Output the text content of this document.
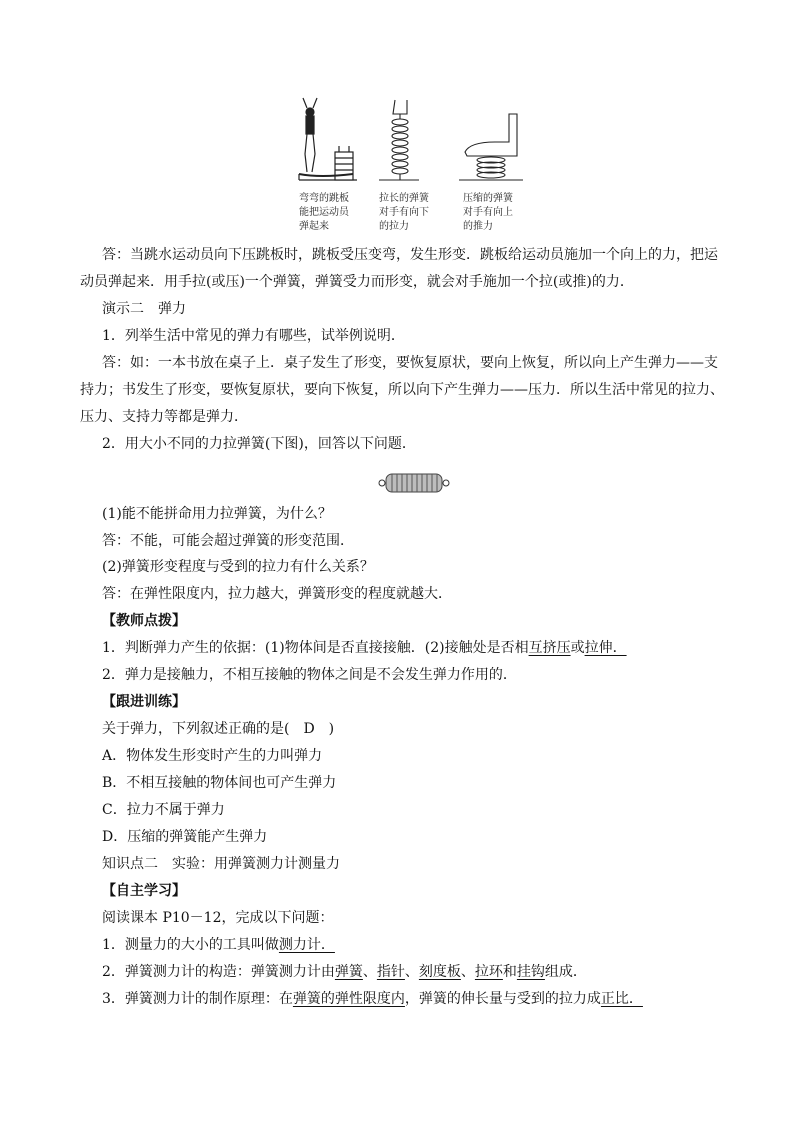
弯弯的跳板
能把运动员
弹起来
拉长的弹簧
对手有向下
的拉力
压缩的弹簧
对手有向上
的推力
答：当跳水运动员向下压跳板时，跳板受压变弯，发生形变．跳板给运动员施加一个向上的力，把运
动员弹起来．用手拉(或压)一个弹簧，弹簧受力而形变，就会对手施加一个拉(或推)的力．
演示二　弹力
1．列举生活中常见的弹力有哪些，试举例说明．
答：如：一本书放在桌子上．桌子发生了形变，要恢复原状，要向上恢复，所以向上产生弹力——支
持力；书发生了形变，要恢复原状，要向下恢复，所以向下产生弹力——压力．所以生活中常见的拉力、
压力、支持力等都是弹力．
2．用大小不同的力拉弹簧(下图)，回答以下问题．
(1)能不能拼命用力拉弹簧，为什么？
答：不能，可能会超过弹簧的形变范围．
(2)弹簧形变程度与受到的拉力有什么关系？
答：在弹性限度内，拉力越大，弹簧形变的程度就越大．
【教师点拨】
1．判断弹力产生的依据：(1)物体间是否直接接触．(2)接触处是否相互挤压或拉伸．
2．弹力是接触力，不相互接触的物体之间是不会发生弹力作用的．
【跟进训练】
关于弹力，下列叙述正确的是(　D　)
A．物体发生形变时产生的力叫弹力
B．不相互接触的物体间也可产生弹力
C．拉力不属于弹力
D．压缩的弹簧能产生弹力
知识点二　实验：用弹簧测力计测量力
【自主学习】
阅读课本 P10－12，完成以下问题：
1．测量力的大小的工具叫做测力计．
2．弹簧测力计的构造：弹簧测力计由弹簧、指针、刻度板、拉环和挂钩组成．
3．弹簧测力计的制作原理：在弹簧的弹性限度内，弹簧的伸长量与受到的拉力成正比．
